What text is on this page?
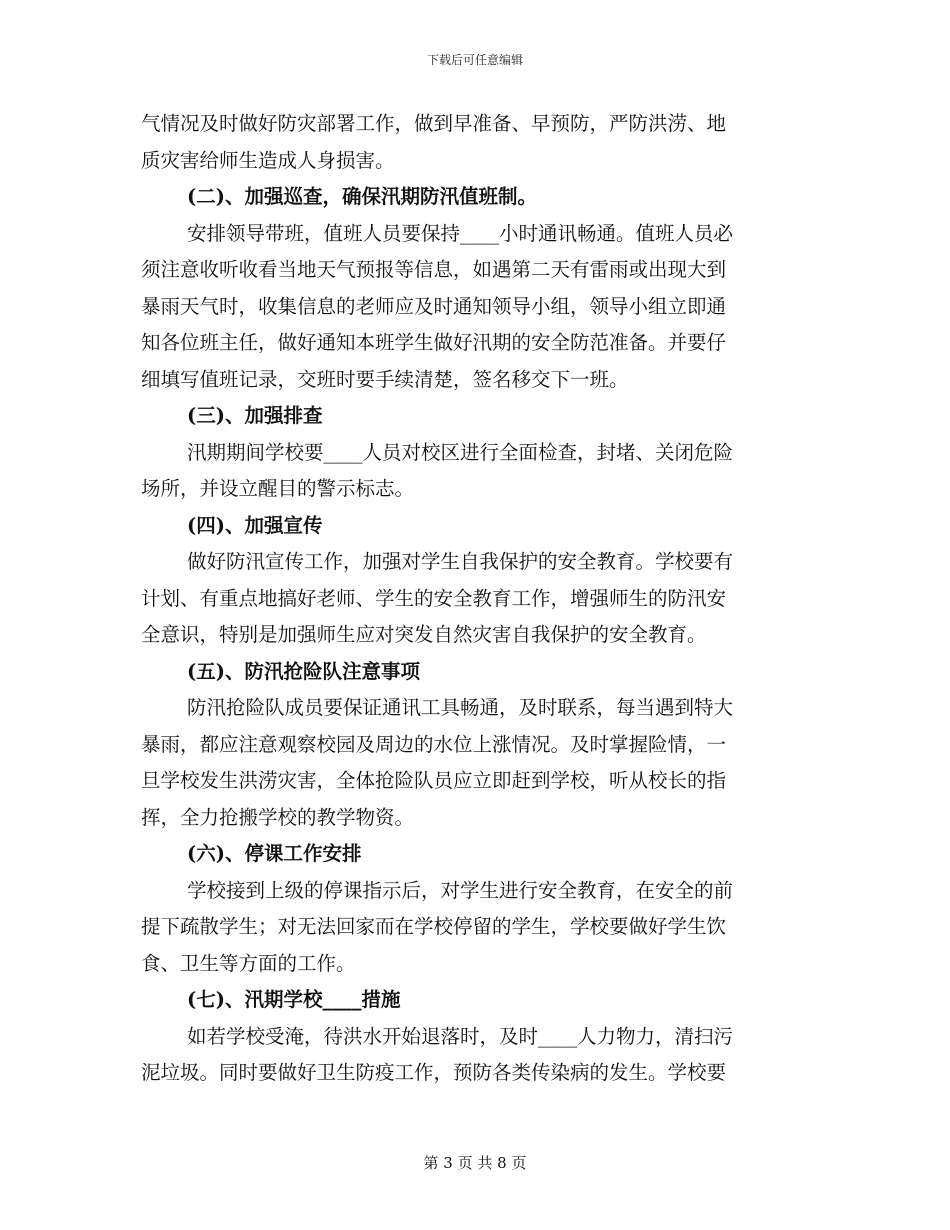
下载后可任意编辑
气情况及时做好防灾部署工作，做到早准备、早预防，严防洪涝、地
质灾害给师生造成人身损害。
(二)、加强巡查，确保汛期防汛值班制。
安排领导带班，值班人员要保持____小时通讯畅通。值班人员必
须注意收听收看当地天气预报等信息，如遇第二天有雷雨或出现大到
暴雨天气时，收集信息的老师应及时通知领导小组，领导小组立即通
知各位班主任，做好通知本班学生做好汛期的安全防范准备。并要仔
细填写值班记录，交班时要手续清楚，签名移交下一班。
(三)、加强排查
汛期期间学校要____人员对校区进行全面检查，封堵、关闭危险
场所，并设立醒目的警示标志。
(四)、加强宣传
做好防汛宣传工作，加强对学生自我保护的安全教育。学校要有
计划、有重点地搞好老师、学生的安全教育工作，增强师生的防汛安
全意识，特别是加强师生应对突发自然灾害自我保护的安全教育。
(五)、防汛抢险队注意事项
防汛抢险队成员要保证通讯工具畅通，及时联系，每当遇到特大
暴雨，都应注意观察校园及周边的水位上涨情况。及时掌握险情，一
旦学校发生洪涝灾害，全体抢险队员应立即赶到学校，听从校长的指
挥，全力抢搬学校的教学物资。
(六)、停课工作安排
学校接到上级的停课指示后，对学生进行安全教育，在安全的前
提下疏散学生；对无法回家而在学校停留的学生，学校要做好学生饮
食、卫生等方面的工作。
(七)、汛期学校____措施
如若学校受淹，待洪水开始退落时，及时____人力物力，清扫污
泥垃圾。同时要做好卫生防疫工作，预防各类传染病的发生。学校要
第 3 页 共 8 页
